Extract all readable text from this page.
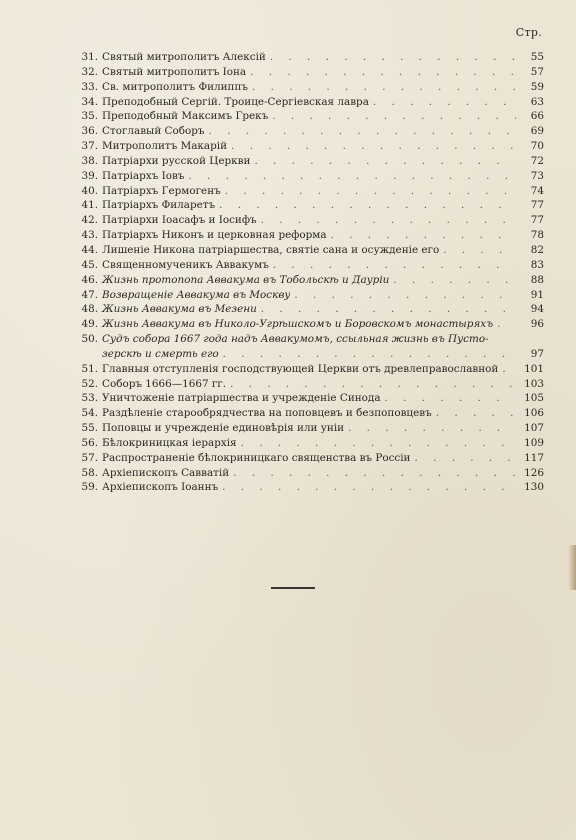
Стр.
31. Святый митрополитъ Алексій . . .	55
32. Святый митрополитъ Іона . . .	57
33. Св. митрополитъ Филиппъ . . .	59
34. Преподобный Сергій. Троице-Сергіевская лавра . . .	63
35. Преподобный Максимъ Грекъ . . .	66
36. Стоглавый Соборъ . . .	69
37. Митрополитъ Макарій . . .	70
38. Патріархи русской Церкви . . .	72
39. Патріархъ Іовъ . . .	73
40. Патріархъ Гермогенъ . . .	74
41. Патріархъ Филаретъ . . .	77
42. Патріархи Іоасафъ и Іосифъ . . .	77
43. Патріархъ Никонъ и церковная реформа . . .	78
44. Лишеніе Никона патріаршества, святіе сана и осужденіе его . . .	82
45. Священномученикъ Аввакумъ . . .	83
46. Жизнь протопопа Аввакума въ Тобольскѣ и Дауріи . . .	88
47. Возвращеніе Аввакума въ Москву . . .	91
48. Жизнь Аввакума въ Мезени . . .	94
49. Жизнь Аввакума въ Николо-Угрѣшскомъ и Боровскомъ монастыряхъ . . .	96
50. Судъ собора 1667 года надъ Аввакумомъ, ссыльная жизнь въ Пусто-
зерскѣ и смерть его . . .	97
51. Главныя отступленія господствующей Церкви отъ древлеправославной . . .	101
52. Соборъ 1666—1667 гг. . . .	103
53. Уничтоженіе патріаршества и учрежденіе Синода . . .	105
54. Раздѣленіе старообрядчества на поповцевъ и безпоповцевъ . . .	106
55. Поповцы и учрежденіе единовѣрія или уніи . . .	107
56. Бѣлокриницкая іерархія . . .	109
57. Распространеніе бѣлокриницкаго священства въ Россіи . . .	117
58. Архіепископъ Савватій . . .	126
59. Архіепископъ Іоаннъ . . .	130
